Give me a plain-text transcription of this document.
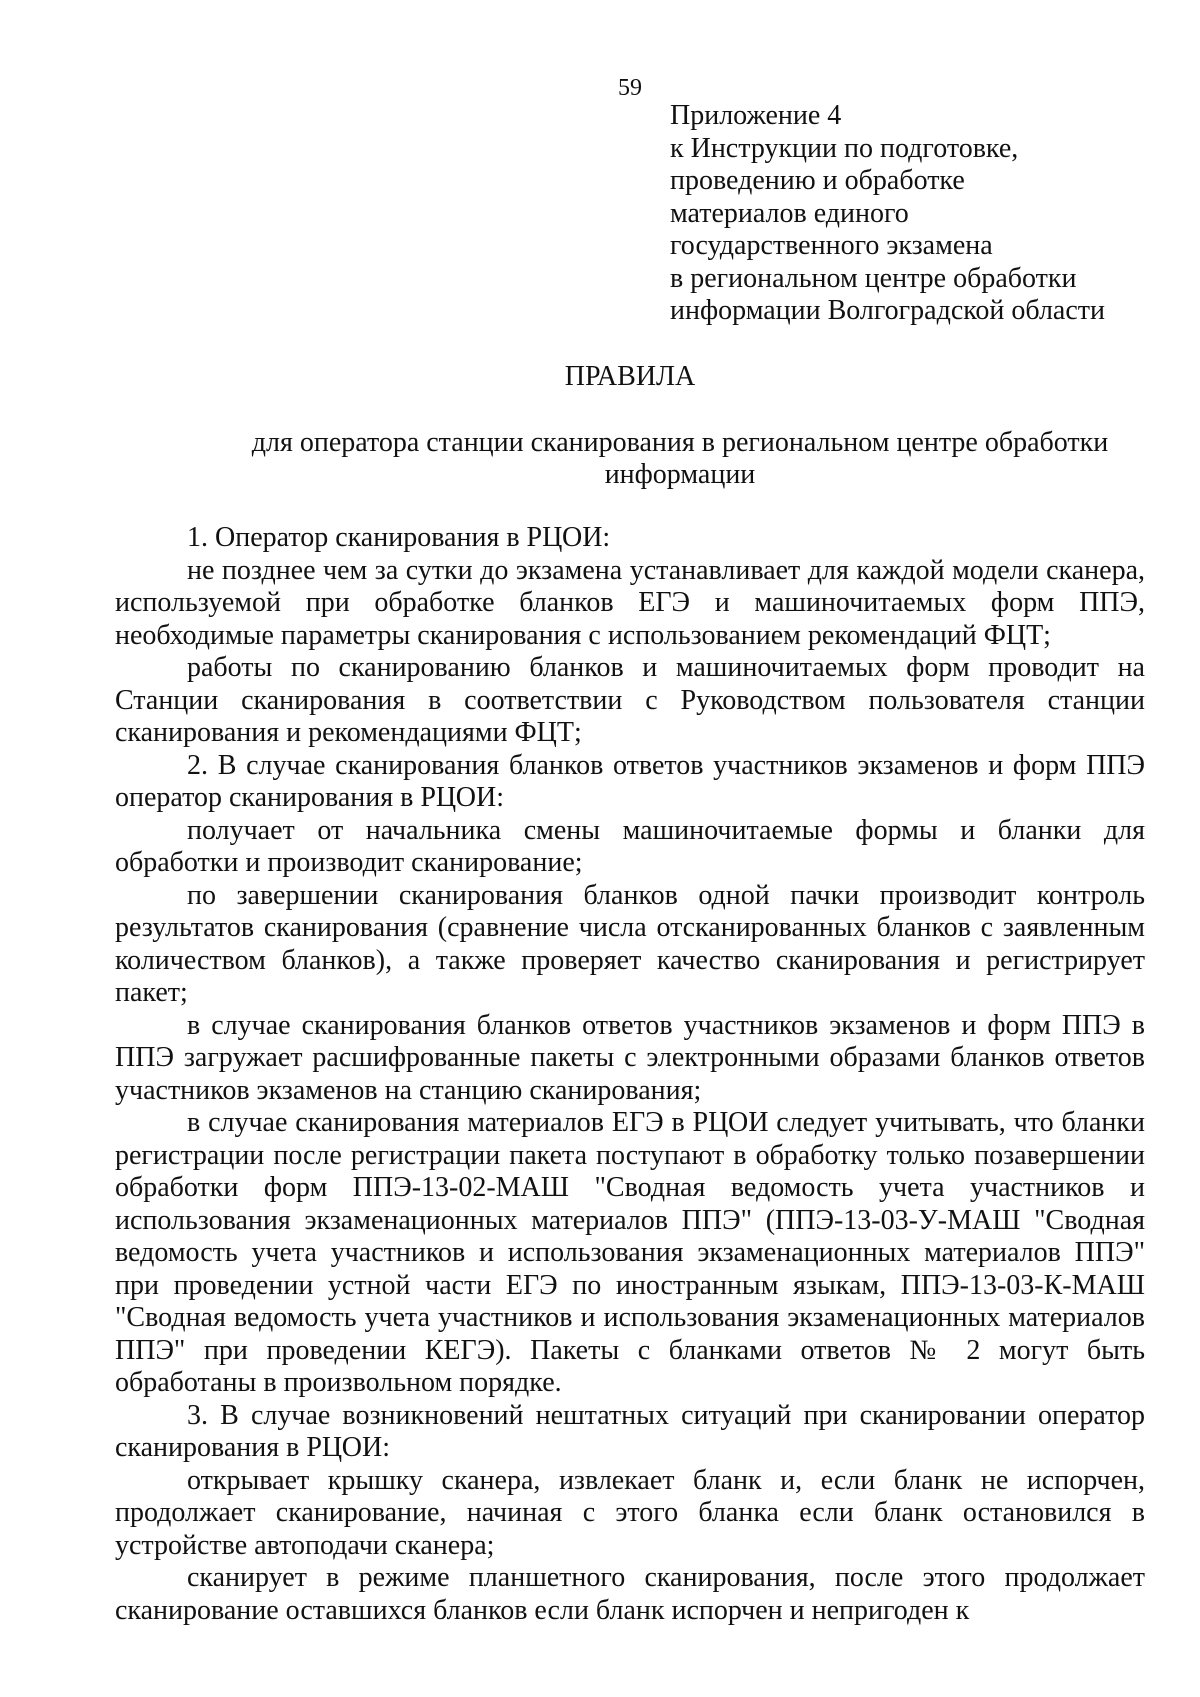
59
Приложение 4
к Инструкции по подготовке,
проведению и обработке
материалов единого
государственного экзамена
в региональном центре обработки
информации Волгоградской области
ПРАВИЛА
для оператора станции сканирования в региональном центре обработки информации

1. Оператор сканирования в РЦОИ:

не позднее чем за сутки до экзамена устанавливает для каждой модели сканера, используемой при обработке бланков ЕГЭ и машиночитаемых форм ППЭ, необходимые параметры сканирования с использованием рекомендаций ФЦТ;

работы по сканированию бланков и машиночитаемых форм проводит на Станции сканирования в соответствии с Руководством пользователя станции сканирования и рекомендациями ФЦТ;

2. В случае сканирования бланков ответов участников экзаменов и форм ППЭ оператор сканирования в РЦОИ:

получает от начальника смены машиночитаемые формы и бланки для обработки и производит сканирование;

по завершении сканирования бланков одной пачки производит контроль результатов сканирования (сравнение числа отсканированных бланков с заявленным количеством бланков), а также проверяет качество сканирования и регистрирует пакет;

в случае сканирования бланков ответов участников экзаменов и форм ППЭ в ППЭ загружает расшифрованные пакеты с электронными образами бланков ответов участников экзаменов на станцию сканирования;

в случае сканирования материалов ЕГЭ в РЦОИ следует учитывать, что бланки регистрации после регистрации пакета поступают в обработку только позавершении обработки форм ППЭ-13-02-МАШ "Сводная ведомость учета участников и использования экзаменационных материалов ППЭ" (ППЭ-13-03-У-МАШ "Сводная ведомость учета участников и использования экзаменационных материалов ППЭ" при проведении устной части ЕГЭ по иностранным языкам, ППЭ-13-03-К-МАШ "Сводная ведомость учета участников и использования экзаменационных материалов ППЭ" при проведении КЕГЭ). Пакеты с бланками ответов № 2 могут быть обработаны в произвольном порядке.

3. В случае возникновений нештатных ситуаций при сканировании оператор сканирования в РЦОИ:

открывает крышку сканера, извлекает бланк и, если бланк не испорчен, продолжает сканирование, начиная с этого бланка если бланк остановился в устройстве автоподачи сканера;

сканирует в режиме планшетного сканирования, после этого продолжает сканирование оставшихся бланков если бланк испорчен и непригоден к
